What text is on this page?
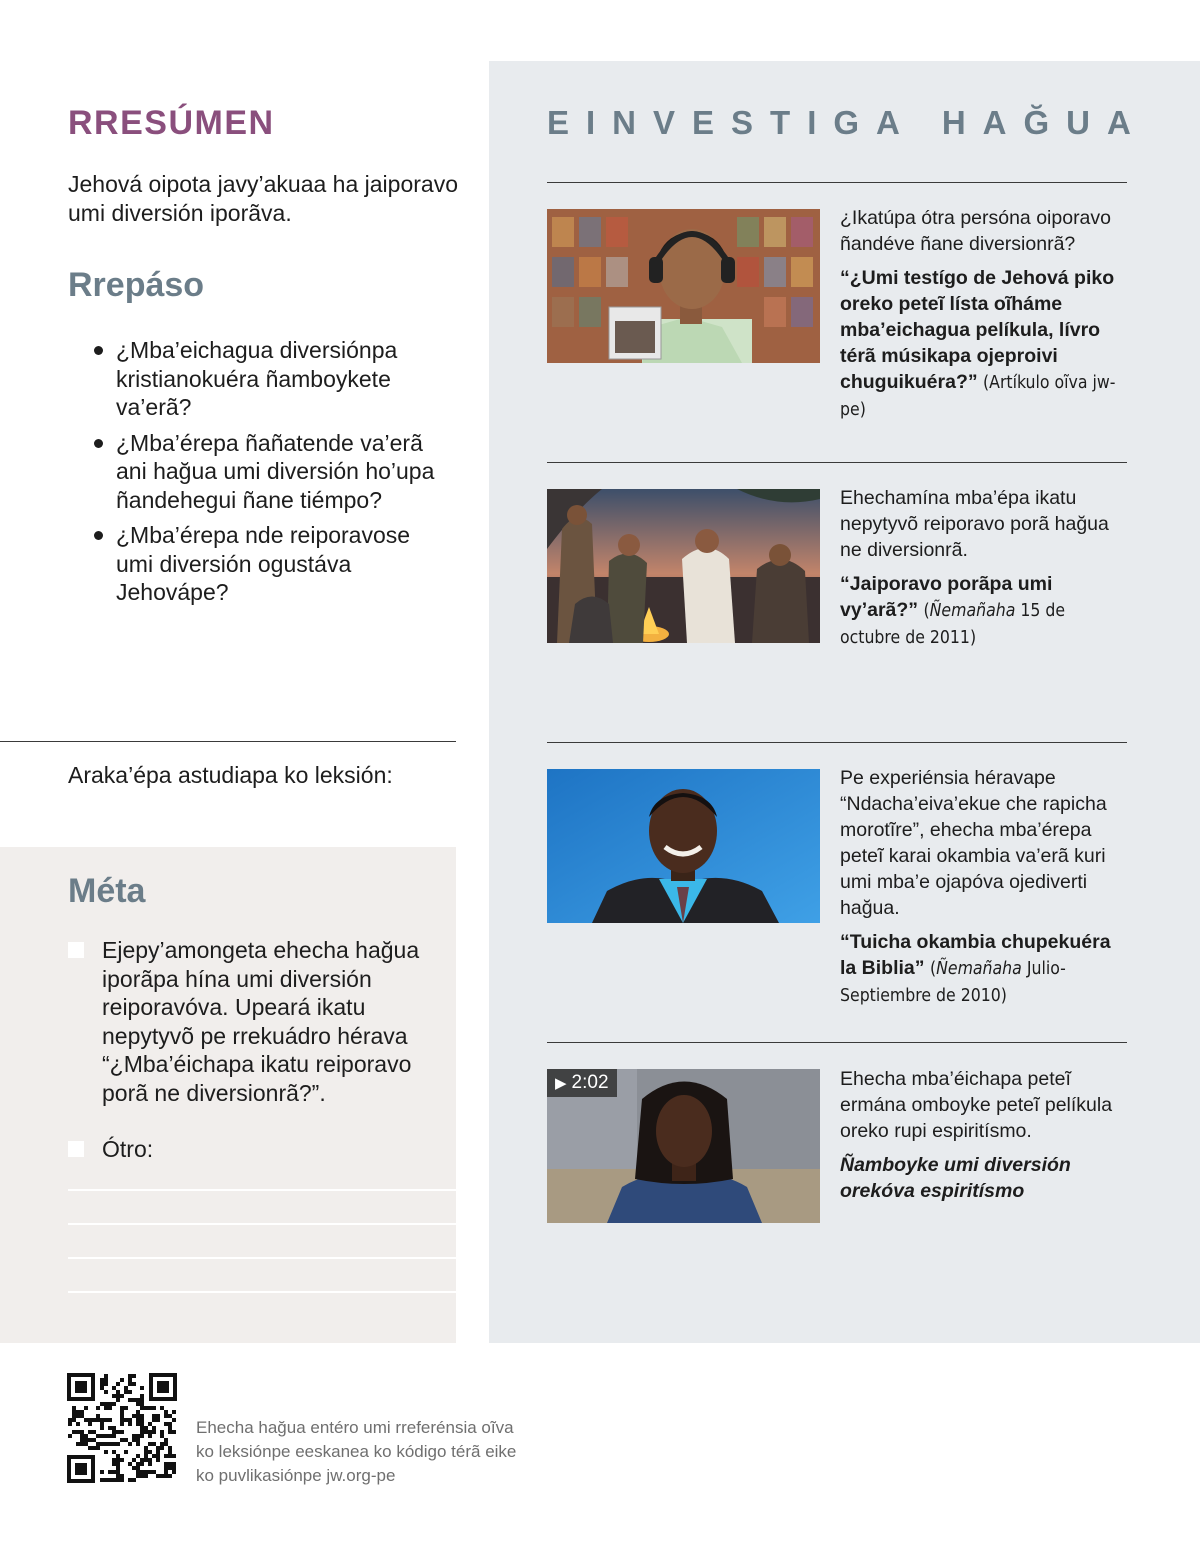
RRESÚMEN

Jehová oipota javy’akuaa ha jaiporavo umi diversión iporãva.

Rrepáso
¿Mba’eichagua diversiónpa kristianokuéra ñamboykete va’erã?
¿Mba’érepa ñañatende va’erã ani hağua umi diversión ho’upa ñandehegui ñane tiémpo?
¿Mba’érepa nde reiporavose umi diversión ogustáva Jehovápe?

Araka’épa astudiapa ko leksión:

Méta
Ejepy’amongeta ehecha hağua iporãpa hína umi diversión reiporavóva. Upeará ikatu nepytyvõ pe rrekuádro hérava “¿Mba’éichapa ikatu reiporavo porã ne diversionrã?”.
Ótro:
EINVESTIGA HAĞUA

¿Ikatúpa ótra persóna oiporavo ñandéve ñane diversionrã?

“¿Umi testígo de Jehová piko oreko peteĩ lísta oĩháme mba’eichagua pelíkula, lívro térã músikapa ojeproivi chuguikuéra?” (Artíkulo oĩva jw-pe)

Ehechamína mba’épa ikatu nepytyvõ reiporavo porã hağua ne diversionrã.

“Jaiporavo porãpa umi vy’arã?” (Ñemañaha 15 de octubre de 2011)

Pe experiénsia héravape “Ndacha’eiva’ekue che rapicha morotĩre”, ehecha mba’érepa peteĩ karai okambia va’erã kuri umi mba’e ojapóva ojediverti hağua.

“Tuicha okambia chupekuéra la Biblia” (Ñemañaha Julio-Septiembre de 2010)

▶ 2:02	Ehecha mba’éichapa peteĩ ermána omboyke peteĩ pelíkula oreko rupi espiritísmo.

Ñamboyke umi diversión orekóva espiritísmo

Ehecha hağua entéro umi rreferénsia oĩva ko leksiónpe eeskanea ko kódigo térã eike ko puvlikasiónpe jw.org-pe
